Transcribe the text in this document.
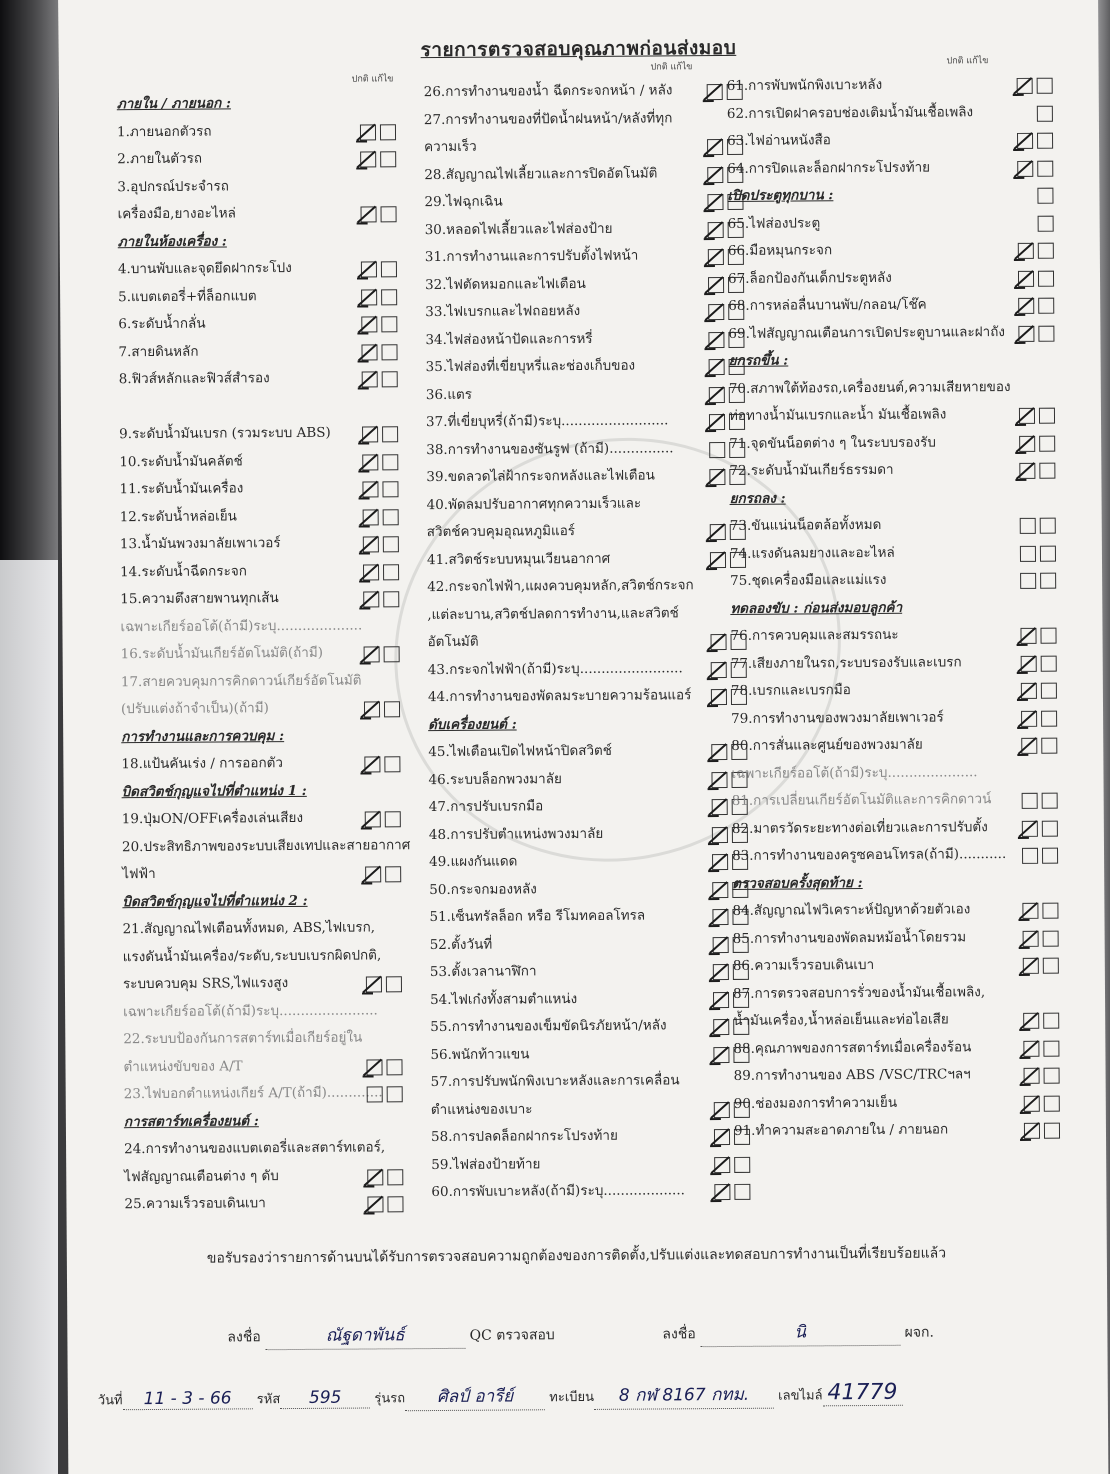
รายการตรวจสอบคุณภาพก่อนส่งมอบ
ปกติ แก้ไข
ปกติ แก้ไข
ปกติ แก้ไข
ภายใน / ภายนอก :
1.ภายนอกตัวรถ
2.ภายในตัวรถ
3.อุปกรณ์ประจำรถ
เครื่องมือ,ยางอะไหล่
ภายในห้องเครื่อง :
4.บานพับและจุดยึดฝากระโปง
5.แบตเตอรี่+ที่ล็อกแบต
6.ระดับน้ำกลั่น
7.สายดินหลัก
8.ฟิวส์หลักและฟิวส์สำรอง
9.ระดับน้ำมันเบรก (รวมระบบ ABS)
10.ระดับน้ำมันคลัตช์
11.ระดับน้ำมันเครื่อง
12.ระดับน้ำหล่อเย็น
13.น้ำมันพวงมาลัยเพาเวอร์
14.ระดับน้ำฉีดกระจก
15.ความตึงสายพานทุกเส้น
เฉพาะเกียร์ออโต้(ถ้ามี)ระบุ....................
16.ระดับน้ำมันเกียร์อัตโนมัติ(ถ้ามี)
17.สายควบคุมการคิกดาวน์เกียร์อัตโนมัติ
(ปรับแต่งถ้าจำเป็น)(ถ้ามี)
การทำงานและการควบคุม :
18.แป้นคันเร่ง / การออกตัว
บิดสวิตช์กุญแจไปที่ตำแหน่ง 1 :
19.ปุ่มON/OFFเครื่องเล่นเสียง
20.ประสิทธิภาพของระบบเสียงเทปและสายอากาศ
ไฟฟ้า
บิดสวิตช์กุญแจไปที่ตำแหน่ง 2 :
21.สัญญาณไฟเตือนทั้งหมด, ABS,ไฟเบรก,
แรงดันน้ำมันเครื่อง/ระดับ,ระบบเบรกผิดปกติ,
ระบบควบคุม SRS,ไฟแรงสูง
เฉพาะเกียร์ออโต้(ถ้ามี)ระบุ.......................
22.ระบบป้องกันการสตาร์ทเมื่อเกียร์อยู่ใน
ตำแหน่งขับของ A/T
23.ไฟบอกตำแหน่งเกียร์ A/T(ถ้ามี).............
การสตาร์ทเครื่องยนต์ :
24.การทำงานของแบตเตอรี่และสตาร์ทเตอร์,
ไฟสัญญาณเตือนต่าง ๆ ดับ
25.ความเร็วรอบเดินเบา
26.การทำงานของน้ำ ฉีดกระจกหน้า / หลัง
27.การทำงานของที่ปัดน้ำฝนหน้า/หลังที่ทุก
ความเร็ว
28.สัญญาณไฟเลี้ยวและการปิดอัตโนมัติ
29.ไฟฉุกเฉิน
30.หลอดไฟเลี้ยวและไฟส่องป้าย
31.การทำงานและการปรับตั้งไฟหน้า
32.ไฟตัดหมอกและไฟเตือน
33.ไฟเบรกและไฟถอยหลัง
34.ไฟส่องหน้าปัดและการหรี่
35.ไฟส่องที่เขี่ยบุหรี่และช่องเก็บของ
36.แตร
37.ที่เขี่ยบุหรี่(ถ้ามี)ระบุ.........................
38.การทำงานของซันรูฟ (ถ้ามี)...............
39.ขดลวดไล่ฝ้ากระจกหลังและไฟเตือน
40.พัดลมปรับอากาศทุกความเร็วและ
สวิตช์ควบคุมอุณหภูมิแอร์
41.สวิตช์ระบบหมุนเวียนอากาศ
42.กระจกไฟฟ้า,แผงควบคุมหลัก,สวิตช์กระจก
,แต่ละบาน,สวิตช์ปลดการทำงาน,และสวิตช์
อัตโนมัติ
43.กระจกไฟฟ้า(ถ้ามี)ระบุ........................
44.การทำงานของพัดลมระบายความร้อนแอร์
ดับเครื่องยนต์ :
45.ไฟเตือนเปิดไฟหน้าปิดสวิตช์
46.ระบบล็อกพวงมาลัย
47.การปรับเบรกมือ
48.การปรับตำแหน่งพวงมาลัย
49.แผงกันแดด
50.กระจกมองหลัง
51.เซ็นทรัลล็อก หรือ รีโมทคอลโทรล
52.ตั้งวันที่
53.ตั้งเวลานาฬิกา
54.ไฟเก๋งทั้งสามตำแหน่ง
55.การทำงานของเข็มขัดนิรภัยหน้า/หลัง
56.พนักท้าวแขน
57.การปรับพนักพิงเบาะหลังและการเคลื่อน
ตำแหน่งของเบาะ
58.การปลดล็อกฝากระโปรงท้าย
59.ไฟส่องป้ายท้าย
60.การพับเบาะหลัง(ถ้ามี)ระบุ...................
61.การพับพนักพิงเบาะหลัง
62.การเปิดฝาครอบช่องเติมน้ำมันเชื้อเพลิง
63.ไฟอ่านหนังสือ
64.การปิดและล็อกฝากระโปรงท้าย
เปิดประตูทุกบาน :
65.ไฟส่องประตู
66.มือหมุนกระจก
67.ล็อกป้องกันเด็กประตูหลัง
68.การหล่อลื่นบานพับ/กลอน/โช๊ค
69.ไฟสัญญาณเตือนการเปิดประตูบานและฝาถัง
ยกรถขึ้น :
70.สภาพใต้ท้องรถ,เครื่องยนต์,ความเสียหายของ
ท่อทางน้ำมันเบรกและน้ำ มันเชื้อเพลิง
71.จุดขันน็อตต่าง ๆ ในระบบรองรับ
72.ระดับน้ำมันเกียร์ธรรมดา
ยกรถลง :
73.ขันแน่นน็อตล้อทั้งหมด
74.แรงดันลมยางและอะไหล่
75.ชุดเครื่องมือและแม่แรง
ทดลองขับ : ก่อนส่งมอบลูกค้า
76.การควบคุมและสมรรถนะ
77.เสียงภายในรถ,ระบบรองรับและเบรก
78.เบรกและเบรกมือ
79.การทำงานของพวงมาลัยเพาเวอร์
80.การสั่นและศูนย์ของพวงมาลัย
เฉพาะเกียร์ออโต้(ถ้ามี)ระบุ.....................
81.การเปลี่ยนเกียร์อัตโนมัติและการคิกดาวน์
82.มาตรวัดระยะทางต่อเที่ยวและการปรับตั้ง
83.การทำงานของครูซคอนโทรล(ถ้ามี)...........
ตรวจสอบครั้งสุดท้าย :
84.สัญญาณไฟวิเคราะห์ปัญหาด้วยตัวเอง
85.การทำงานของพัดลมหม้อน้ำโดยรวม
86.ความเร็วรอบเดินเบา
87.การตรวจสอบการรั่วของน้ำมันเชื้อเพลิง,
น้ำมันเครื่อง,น้ำหล่อเย็นและท่อไอเสีย
88.คุณภาพของการสตาร์ทเมื่อเครื่องร้อน
89.การทำงานของ ABS /VSC/TRCฯลฯ
90.ช่องมองการทำความเย็น
91.ทำความสะอาดภายใน / ภายนอก
ขอรับรองว่ารายการด้านบนได้รับการตรวจสอบความถูกต้องของการติดตั้ง,ปรับแต่งและทดสอบการทำงานเป็นที่เรียบร้อยแล้ว
ลงชื่อ	ณัฐดาพันธ์	QC ตรวจสอบ	ลงชื่อ	นิ	ผจก.
วันที่ 11 - 3 - 66 รหัส 595	รุ่นรถ ศิลป์ อารีย์	ทะเบียน 8 กฬ 8167 กทม. เลขไมล์ 41779
